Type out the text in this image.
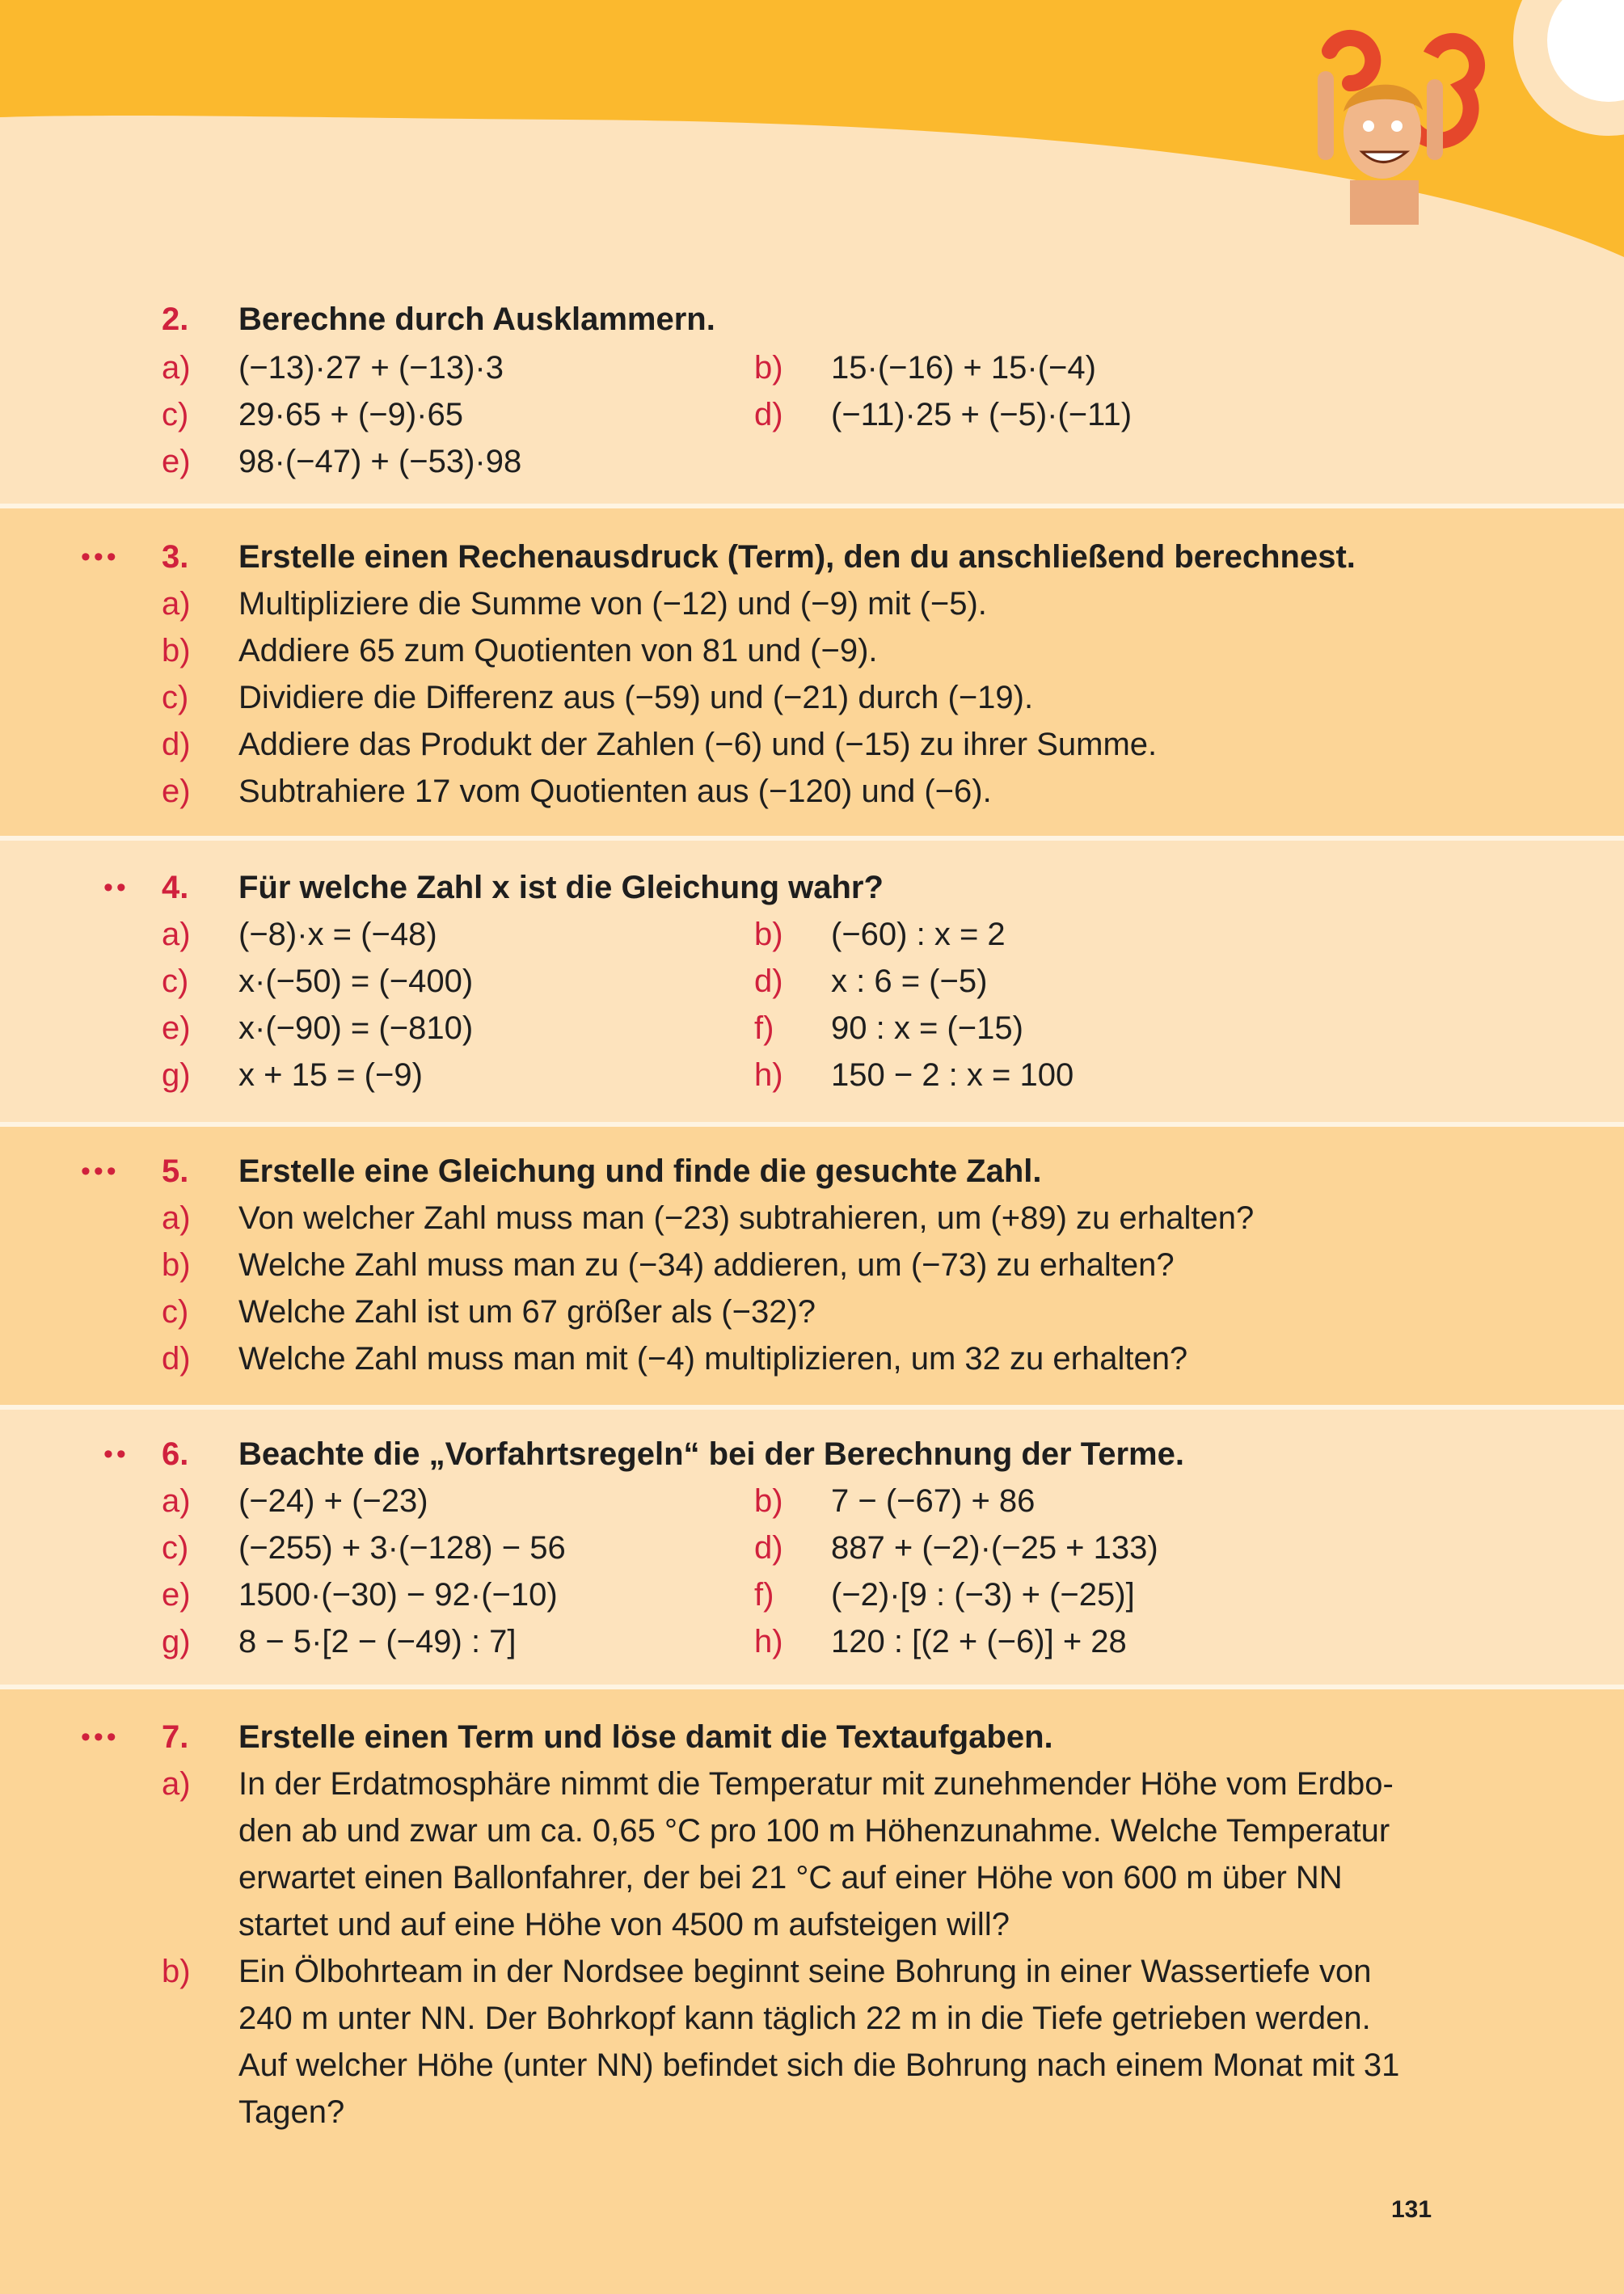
2. Berechne durch Ausklammern.
a) (−13)·27 + (−13)·3	b) 15·(−16) + 15·(−4)
c) 29·65 + (−9)·65	d) (−11)·25 + (−5)·(−11)
e) 98·(−47) + (−53)·98
••• 3. Erstelle einen Rechenausdruck (Term), den du anschließend berechnest.
a) Multipliziere die Summe von (−12) und (−9) mit (−5).
b) Addiere 65 zum Quotienten von 81 und (−9).
c) Dividiere die Differenz aus (−59) und (−21) durch (−19).
d) Addiere das Produkt der Zahlen (−6) und (−15) zu ihrer Summe.
e) Subtrahiere 17 vom Quotienten aus (−120) und (−6).
•• 4. Für welche Zahl x ist die Gleichung wahr?
a) (−8)·x = (−48)	b) (−60) : x = 2
c) x·(−50) = (−400)	d) x : 6 = (−5)
e) x·(−90) = (−810)	f) 90 : x = (−15)
g) x + 15 = (−9)	h) 150 − 2 : x = 100
••• 5. Erstelle eine Gleichung und finde die gesuchte Zahl.
a) Von welcher Zahl muss man (−23) subtrahieren, um (+89) zu erhalten?
b) Welche Zahl muss man zu (−34) addieren, um (−73) zu erhalten?
c) Welche Zahl ist um 67 größer als (−32)?
d) Welche Zahl muss man mit (−4) multiplizieren, um 32 zu erhalten?
•• 6. Beachte die „Vorfahrtsregeln“ bei der Berechnung der Terme.
a) (−24) + (−23)	b) 7 − (−67) + 86
c) (−255) + 3·(−128) − 56	d) 887 + (−2)·(−25 + 133)
e) 1500·(−30) − 92·(−10)	f) (−2)·[9 : (−3) + (−25)]
g) 8 − 5·[2 − (−49) : 7]	h) 120 : [(2 + (−6)] + 28
••• 7. Erstelle einen Term und löse damit die Textaufgaben.
a) In der Erdatmosphäre nimmt die Temperatur mit zunehmender Höhe vom Erdbo-
den ab und zwar um ca. 0,65 °C pro 100 m Höhenzunahme. Welche Temperatur
erwartet einen Ballonfahrer, der bei 21 °C auf einer Höhe von 600 m über NN
startet und auf eine Höhe von 4500 m aufsteigen will?
b) Ein Ölbohrteam in der Nordsee beginnt seine Bohrung in einer Wassertiefe von
240 m unter NN. Der Bohrkopf kann täglich 22 m in die Tiefe getrieben werden.
Auf welcher Höhe (unter NN) befindet sich die Bohrung nach einem Monat mit 31
Tagen?
131
